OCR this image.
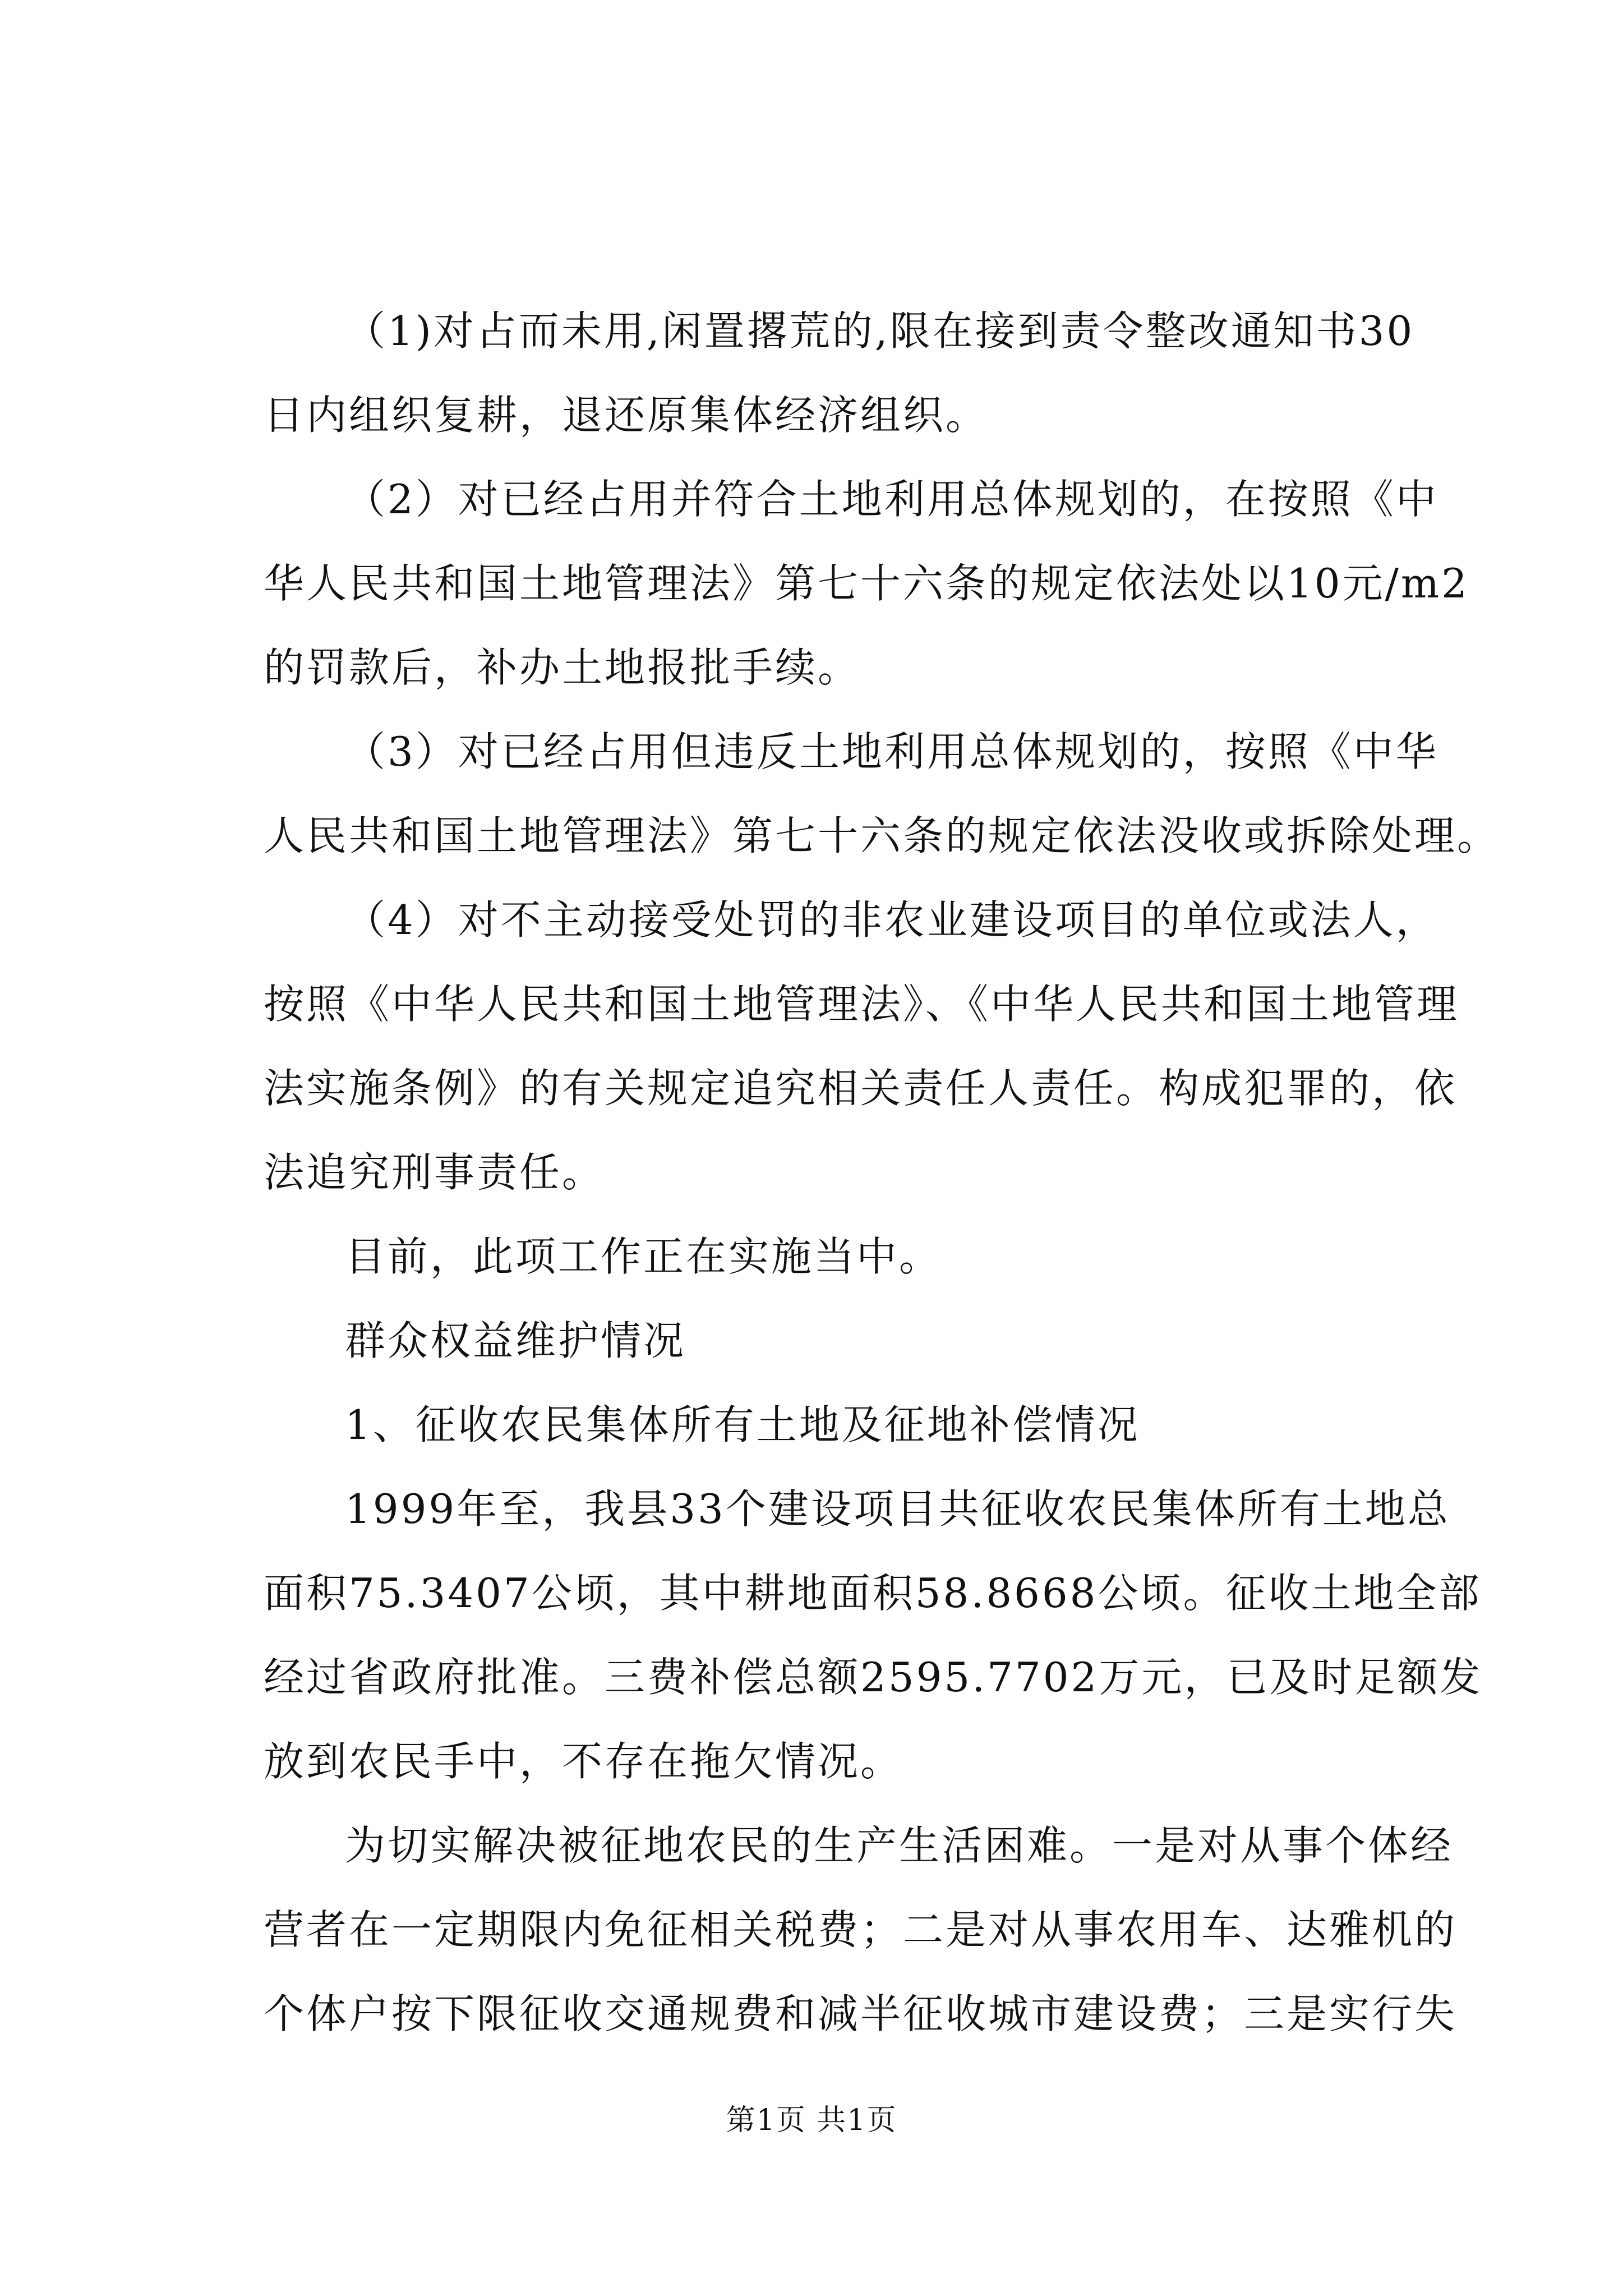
（1)对占而未用,闲置撂荒的,限在接到责令整改通知书30
日内组织复耕，退还原集体经济组织。
（2）对已经占用并符合土地利用总体规划的，在按照《中
华人民共和国土地管理法》第七十六条的规定依法处以10元/m2
的罚款后，补办土地报批手续。
（3）对已经占用但违反土地利用总体规划的，按照《中华
人民共和国土地管理法》第七十六条的规定依法没收或拆除处理。
（4）对不主动接受处罚的非农业建设项目的单位或法人，
按照《中华人民共和国土地管理法》、《中华人民共和国土地管理
法实施条例》的有关规定追究相关责任人责任。构成犯罪的，依
法追究刑事责任。
目前，此项工作正在实施当中。
群众权益维护情况
1、征收农民集体所有土地及征地补偿情况
1999年至，我县33个建设项目共征收农民集体所有土地总
面积75.3407公顷，其中耕地面积58.8668公顷。征收土地全部
经过省政府批准。三费补偿总额2595.7702万元，已及时足额发
放到农民手中，不存在拖欠情况。
为切实解决被征地农民的生产生活困难。一是对从事个体经
营者在一定期限内免征相关税费；二是对从事农用车、达雅机的
个体户按下限征收交通规费和减半征收城市建设费；三是实行失
第1页 共1页
